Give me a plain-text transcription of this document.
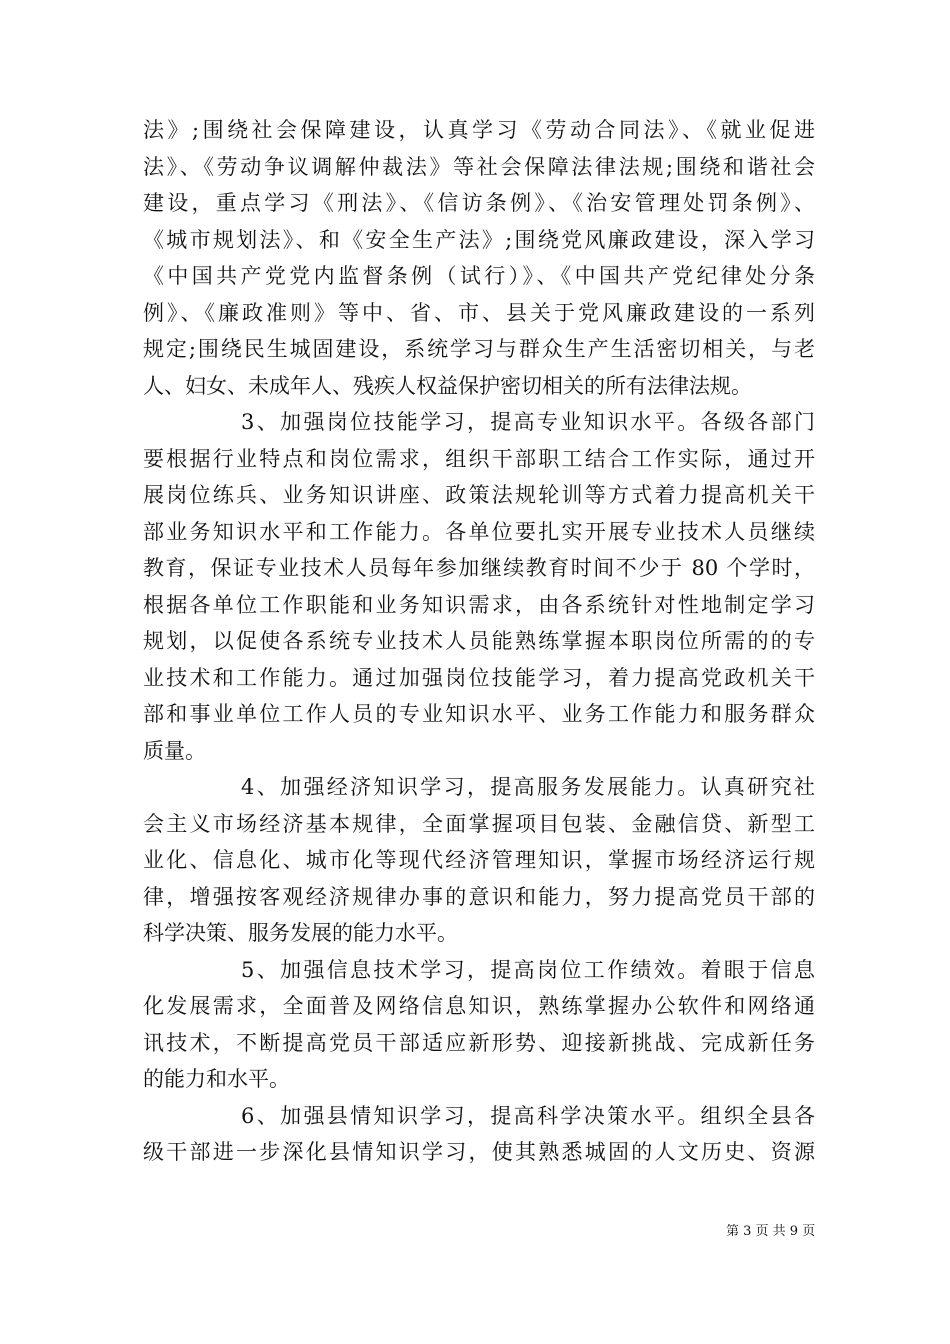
法》;围绕社会保障建设，认真学习《劳动合同法》、《就业促进
法》、《劳动争议调解仲裁法》等社会保障法律法规;围绕和谐社会
建设，重点学习《刑法》、《信访条例》、《治安管理处罚条例》、
《城市规划法》、和《安全生产法》;围绕党风廉政建设，深入学习
《中国共产党党内监督条例（试行）》、《中国共产党纪律处分条
例》、《廉政准则》等中、省、市、县关于党风廉政建设的一系列
规定;围绕民生城固建设，系统学习与群众生产生活密切相关，与老
人、妇女、未成年人、残疾人权益保护密切相关的所有法律法规。
3、加强岗位技能学习，提高专业知识水平。各级各部门
要根据行业特点和岗位需求，组织干部职工结合工作实际，通过开
展岗位练兵、业务知识讲座、政策法规轮训等方式着力提高机关干
部业务知识水平和工作能力。各单位要扎实开展专业技术人员继续
教育，保证专业技术人员每年参加继续教育时间不少于 80 个学时，
根据各单位工作职能和业务知识需求，由各系统针对性地制定学习
规划，以促使各系统专业技术人员能熟练掌握本职岗位所需的的专
业技术和工作能力。通过加强岗位技能学习，着力提高党政机关干
部和事业单位工作人员的专业知识水平、业务工作能力和服务群众
质量。
4、加强经济知识学习，提高服务发展能力。认真研究社
会主义市场经济基本规律，全面掌握项目包装、金融信贷、新型工
业化、信息化、城市化等现代经济管理知识，掌握市场经济运行规
律，增强按客观经济规律办事的意识和能力，努力提高党员干部的
科学决策、服务发展的能力水平。
5、加强信息技术学习，提高岗位工作绩效。着眼于信息
化发展需求，全面普及网络信息知识，熟练掌握办公软件和网络通
讯技术，不断提高党员干部适应新形势、迎接新挑战、完成新任务
的能力和水平。
6、加强县情知识学习，提高科学决策水平。组织全县各
级干部进一步深化县情知识学习，使其熟悉城固的人文历史、资源
第 3 页 共 9 页
